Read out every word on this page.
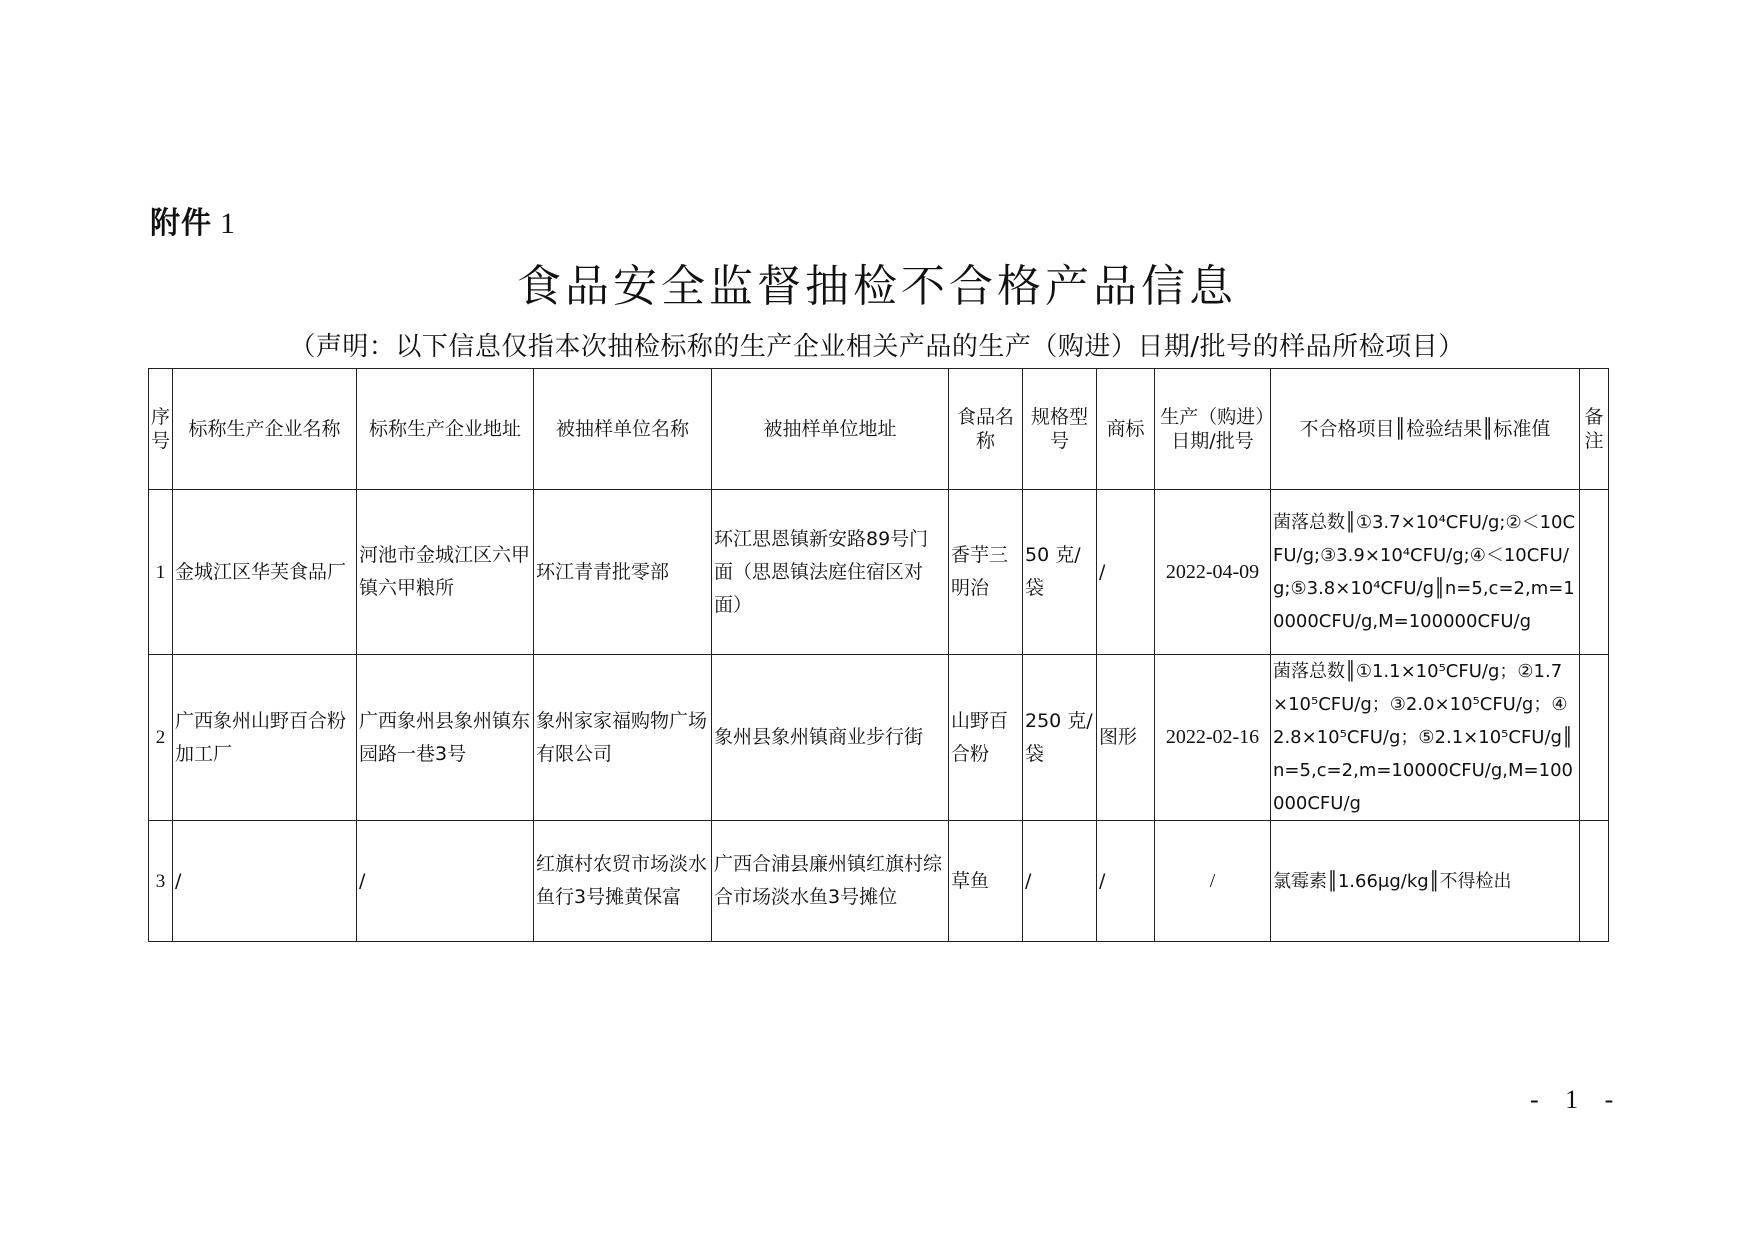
附件 1
食品安全监督抽检不合格产品信息
（声明：以下信息仅指本次抽检标称的生产企业相关产品的生产（购进）日期/批号的样品所检项目）
序号	标称生产企业名称	标称生产企业地址	被抽样单位名称	被抽样单位地址	食品名称	规格型号	商标	生产（购进）日期/批号	不合格项目║检验结果║标准值	备注
1	金城江区华芙食品厂	河池市金城江区六甲镇六甲粮所	环江青青批零部	环江思恩镇新安路89号门面（思恩镇法庭住宿区对面）	香芋三明治	50 克/袋	/	2022-04-09	菌落总数║①3.7×10⁴CFU/g;②＜10CFU/g;③3.9×10⁴CFU/g;④＜10CFU/g;⑤3.8×10⁴CFU/g║n=5,c=2,m=10000CFU/g,M=100000CFU/g	
2	广西象州山野百合粉加工厂	广西象州县象州镇东园路一巷3号	象州家家福购物广场有限公司	象州县象州镇商业步行街	山野百合粉	250 克/袋	图形	2022-02-16	菌落总数║①1.1×10⁵CFU/g；②1.7×10⁵CFU/g；③2.0×10⁵CFU/g；④2.8×10⁵CFU/g；⑤2.1×10⁵CFU/g║n=5,c=2,m=10000CFU/g,M=100000CFU/g	
3	/	/	红旗村农贸市场淡水鱼行3号摊黄保富	广西合浦县廉州镇红旗村综合市场淡水鱼3号摊位	草鱼	/	/	/	氯霉素║1.66μg/kg║不得检出	
- 1 -
